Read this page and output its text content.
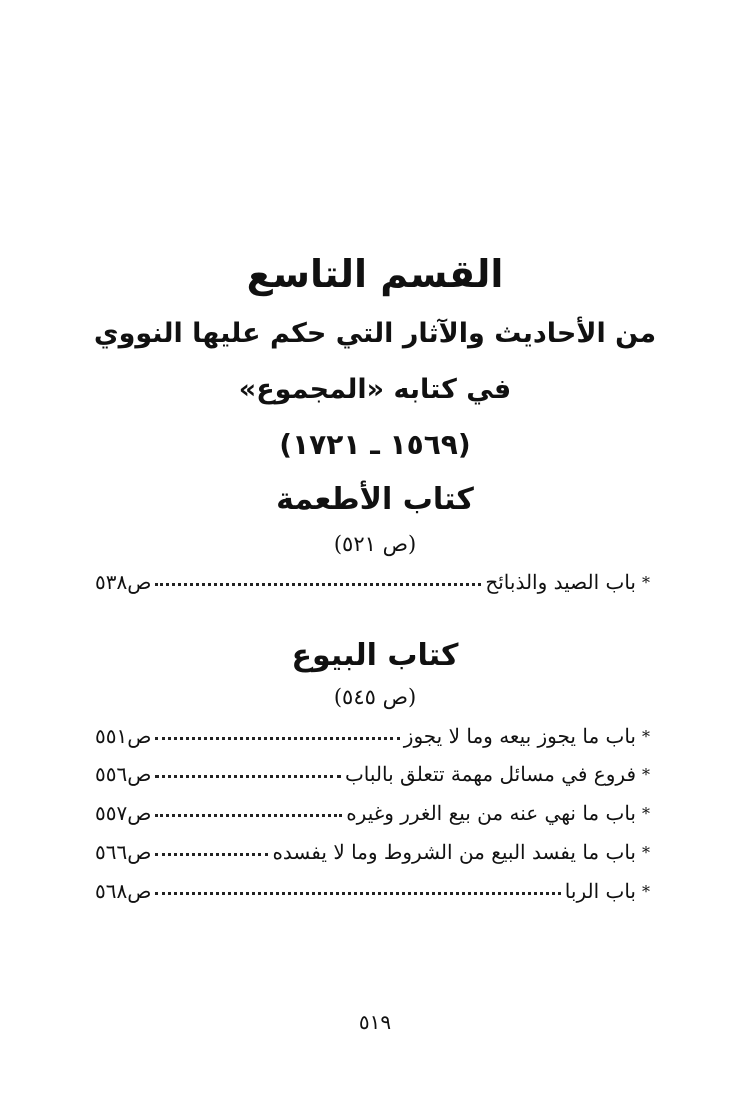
القسم التاسع
من الأحاديث والآثار التي حكم عليها النووي
في كتابه «المجموع»
(١٥٦٩ ـ ١٧٢١)
كتاب الأطعمة
(ص ٥٢١)
*
باب الصيد والذبائح
ص٥٣٨
كتاب البيوع
(ص ٥٤٥)
*
باب ما يجوز بيعه وما لا يجوز
ص٥٥١
*
فروع في مسائل مهمة تتعلق بالباب
ص٥٥٦
*
باب ما نهي عنه من بيع الغرر وغيره
ص٥٥٧
*
باب ما يفسد البيع من الشروط وما لا يفسده
ص٥٦٦
*
باب الربا
ص٥٦٨
٥١٩
